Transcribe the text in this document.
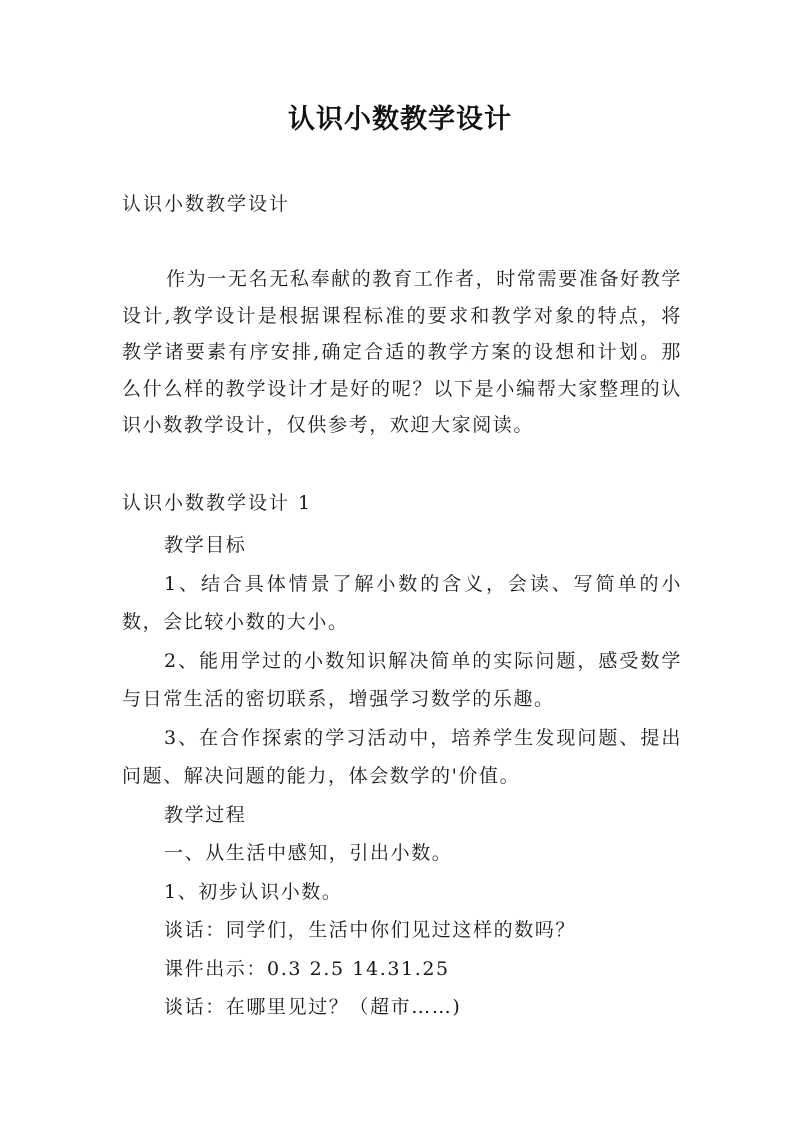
认识小数教学设计
认识小数教学设计

作为一无名无私奉献的教育工作者，时常需要准备好教学设计,教学设计是根据课程标准的要求和教学对象的特点，将教学诸要素有序安排,确定合适的教学方案的设想和计划。那么什么样的教学设计才是好的呢？以下是小编帮大家整理的认识小数教学设计，仅供参考，欢迎大家阅读。

认识小数教学设计 1

教学目标

1、结合具体情景了解小数的含义，会读、写简单的小数，会比较小数的大小。

2、能用学过的小数知识解决简单的实际问题，感受数学与日常生活的密切联系，增强学习数学的乐趣。

3、在合作探索的学习活动中，培养学生发现问题、提出问题、解决问题的能力，体会数学的'价值。

教学过程

一、从生活中感知，引出小数。

1、初步认识小数。

谈话：同学们，生活中你们见过这样的数吗？

课件出示：0.3 2.5 14.31.25

谈话：在哪里见过？（超市……)
